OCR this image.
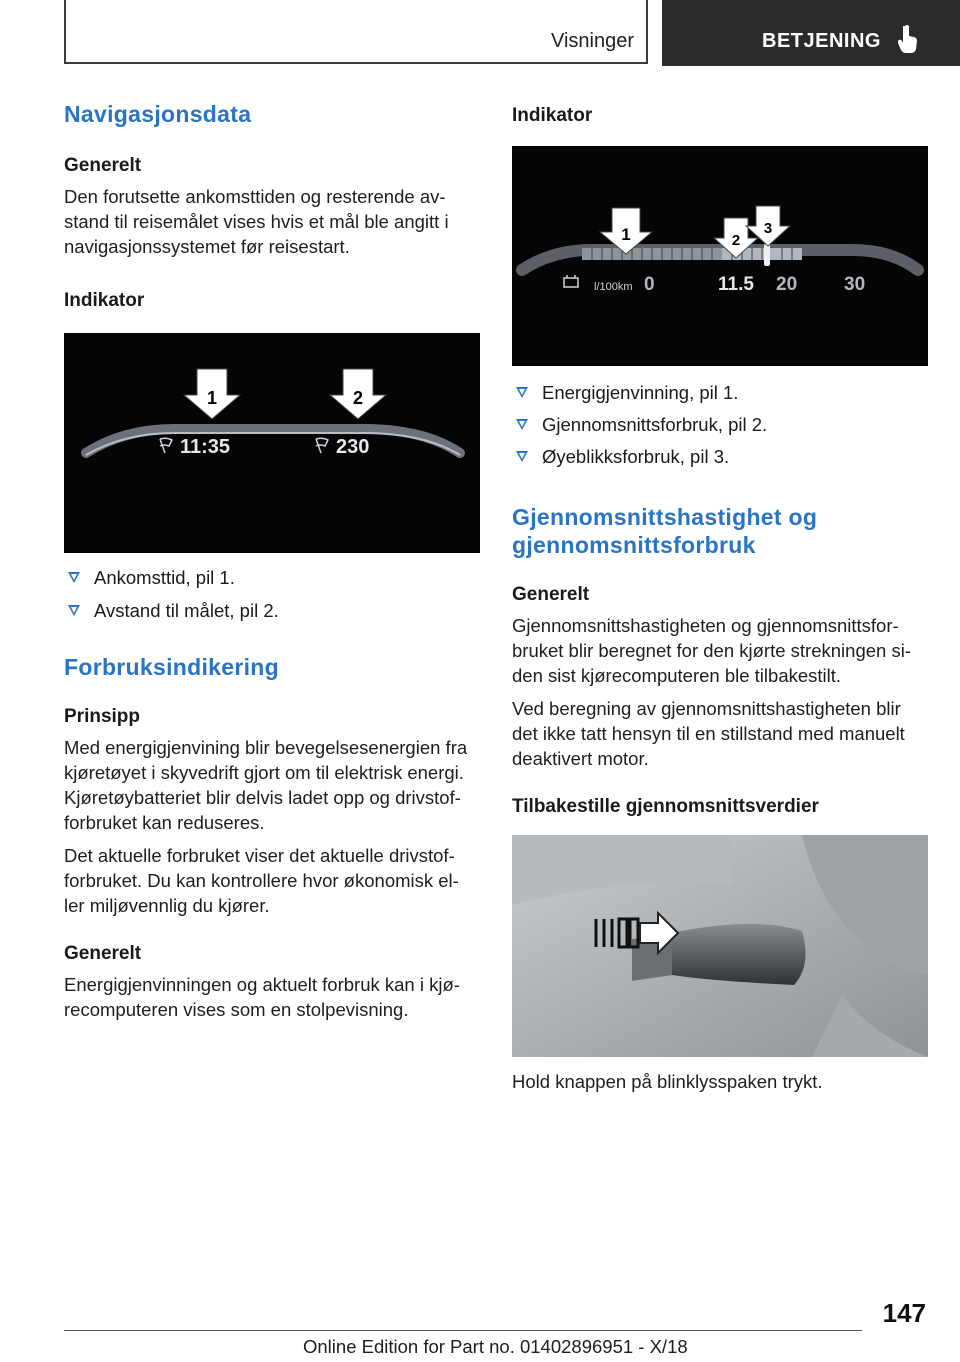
Visninger	BETJENING
Navigasjonsdata
Generelt

Den forutsette ankomsttiden og resterende av-
stand til reisemålet vises hvis et mål ble angitt i
navigasjonssystemet før reisestart.

Indikator
1	2
11:35	230
Ankomsttid, pil 1.
Avstand til målet, pil 2.
Forbruksindikering
Prinsipp

Med energigjenvining blir bevegelsesenergien fra
kjøretøyet i skyvedrift gjort om til elektrisk energi.
Kjøretøybatteriet blir delvis ladet opp og drivstof-
forbruket kan reduseres.

Det aktuelle forbruket viser det aktuelle drivstof-
forbruket. Du kan kontrollere hvor økonomisk el-
ler miljøvennlig du kjører.

Generelt

Energigjenvinningen og aktuelt forbruk kan i kjø-
recomputeren vises som en stolpevisning.

Indikator
1	2
3
l/100km 0	11.5 20 30
Energigjenvinning, pil 1.
Gjennomsnittsforbruk, pil 2.
Øyeblikksforbruk, pil 3.
Gjennomsnittshastighet og
gjennomsnittsforbruk
Generelt

Gjennomsnittshastigheten og gjennomsnittsfor-
bruket blir beregnet for den kjørte strekningen si-
den sist kjørecomputeren ble tilbakestilt.

Ved beregning av gjennomsnittshastigheten blir
det ikke tatt hensyn til en stillstand med manuelt
deaktivert motor.

Tilbakestille gjennomsnittsverdier

Hold knappen på blinklysspaken trykt.

147
Online Edition for Part no. 01402896951 - X/18
